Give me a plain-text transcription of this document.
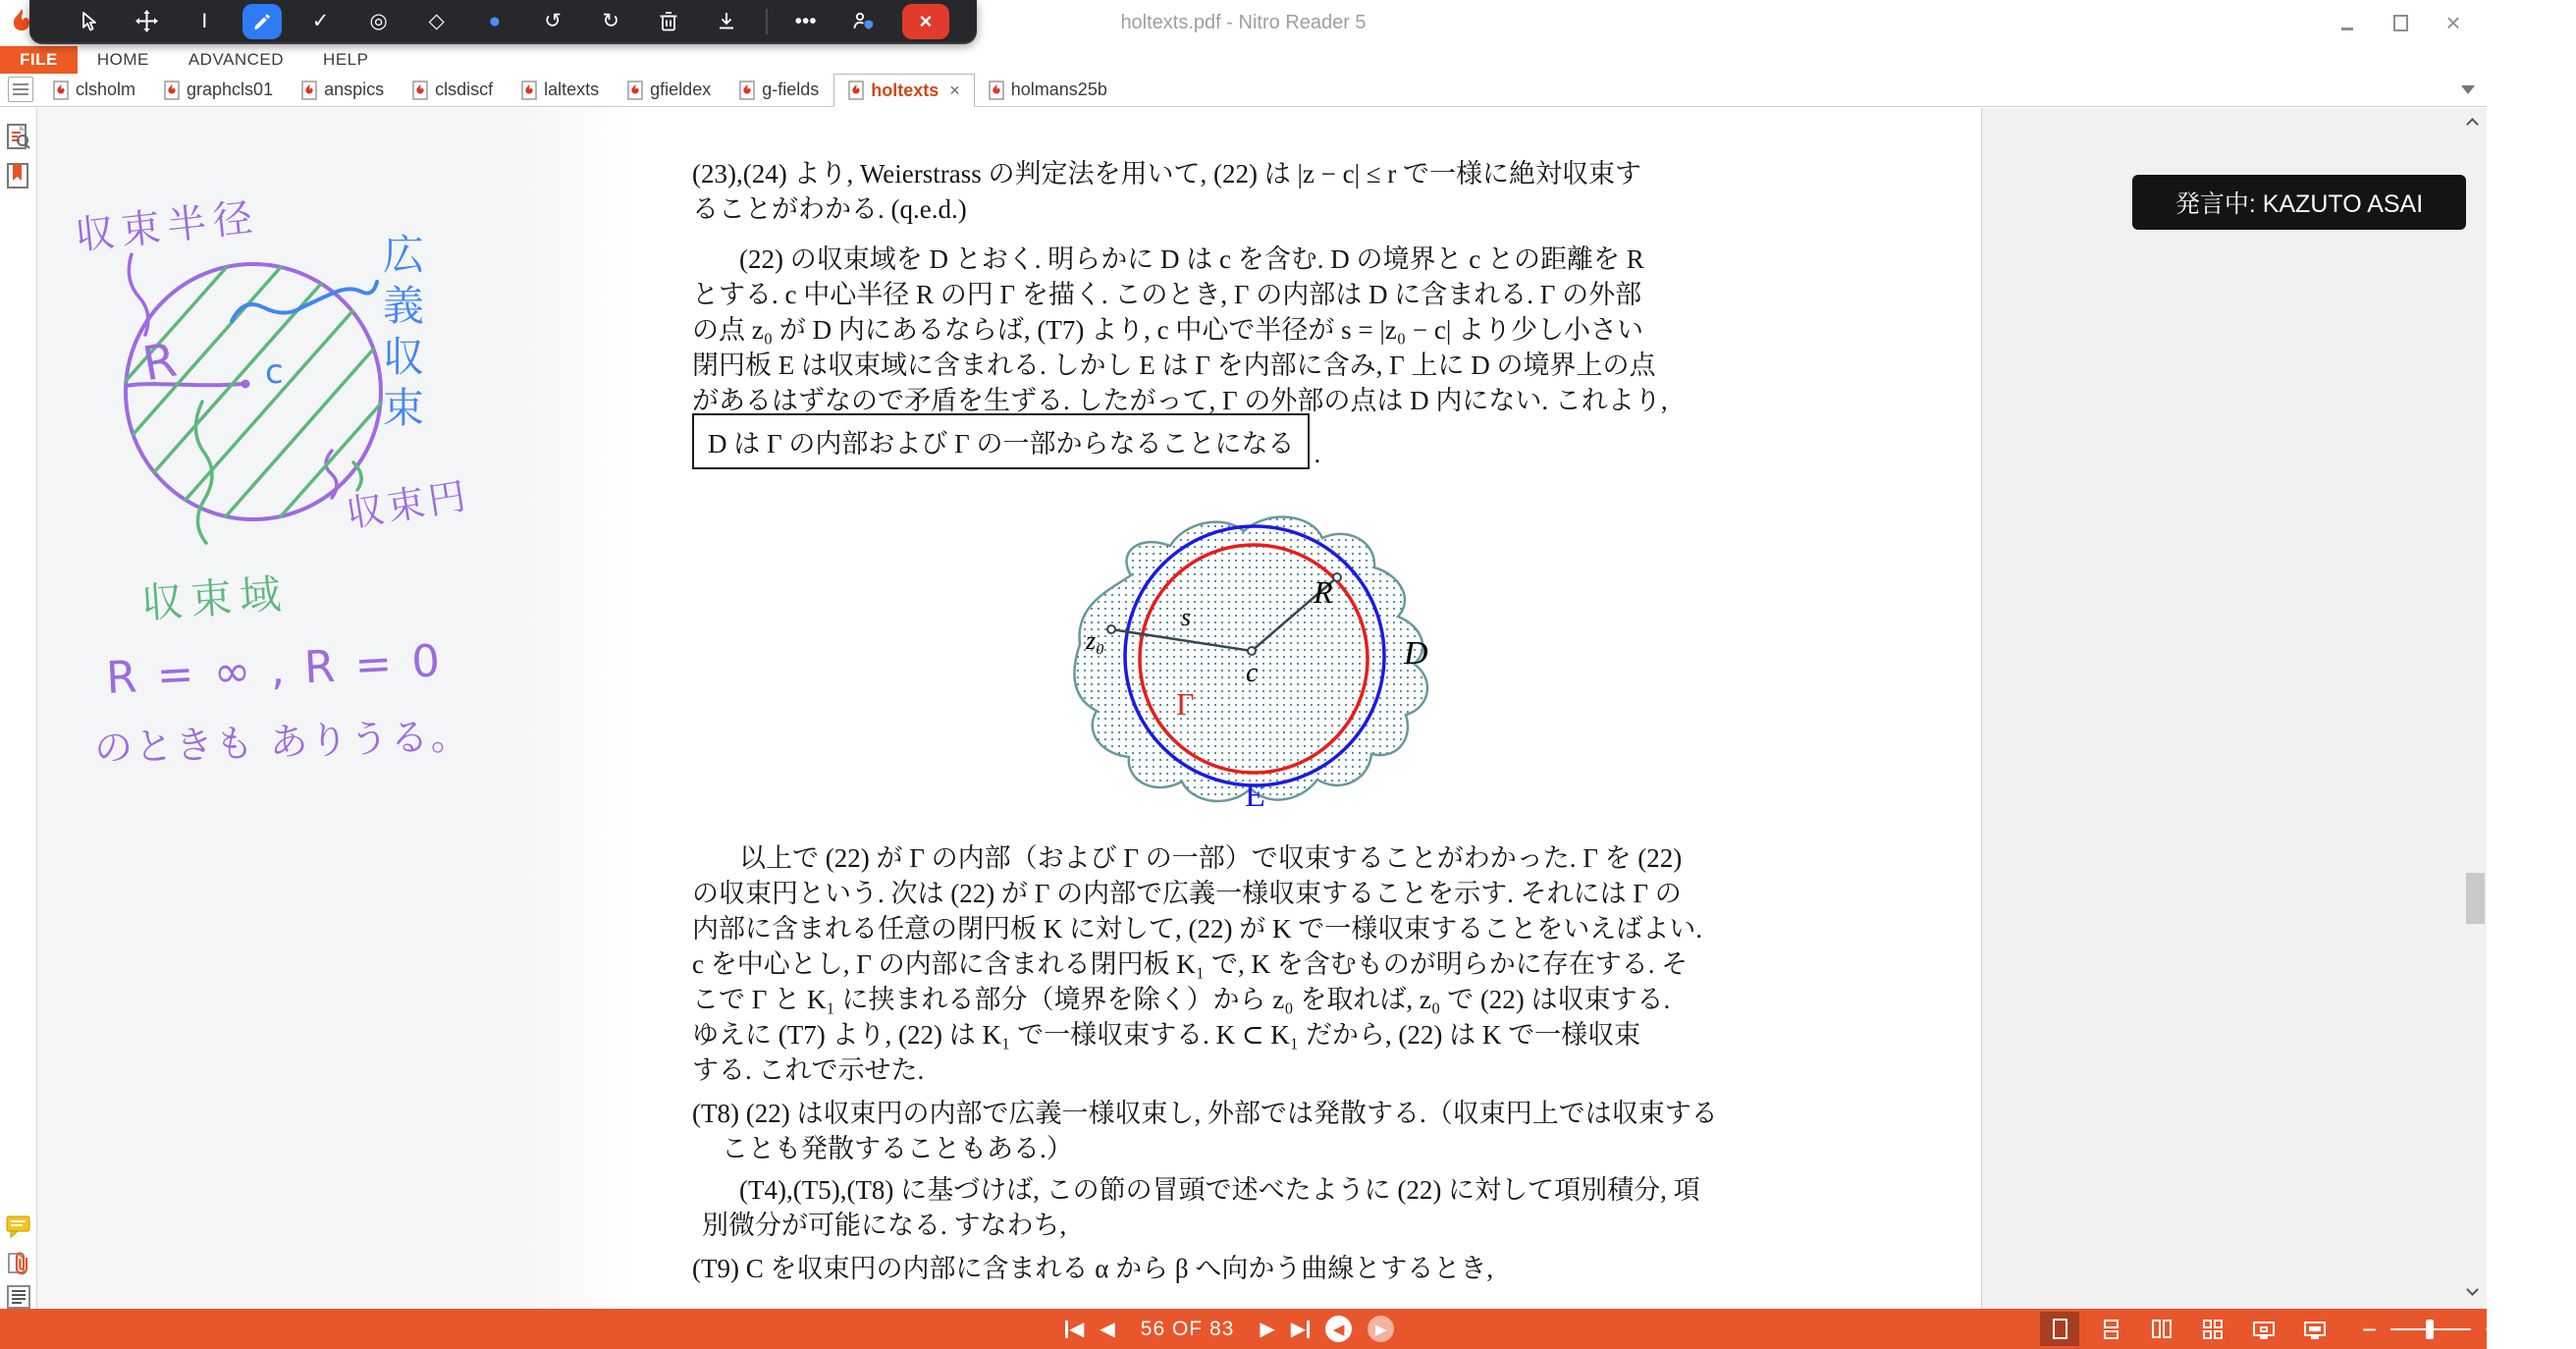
holtexts.pdf - Nitro Reader 5	×
I	✓	◎	◇	●	↺	↻	•••	×
FILE	HOME	ADVANCED	HELP
clsholm	graphcls01	anspics	clsdiscf	laltexts	gfieldex	g-fields	holtexts ×	holmans25b
D は Γ の内部および Γ の一部からなることになる .
z₀
s
c
R
D
Γ
E
(23),(24) より, Weierstrass の判定法を用いて, (22) は |z − c| ≤ r で一様に絶対収束す
ることがわかる. (q.e.d.)
(22) の収束域を D とおく. 明らかに D は c を含む. D の境界と c との距離を R
とする. c 中心半径 R の円 Γ を描く. このとき, Γ の内部は D に含まれる. Γ の外部
の点 z₀ が D 内にあるならば, (T7) より, c 中心で半径が s = |z₀ − c| より少し小さい
閉円板 E は収束域に含まれる. しかし E は Γ を内部に含み, Γ 上に D の境界上の点
があるはずなので矛盾を生ずる. したがって, Γ の外部の点は D 内にない. これより,
以上で (22) が Γ の内部（および Γ の一部）で収束することがわかった. Γ を (22)
の収束円という. 次は (22) が Γ の内部で広義一様収束することを示す. それには Γ の
内部に含まれる任意の閉円板 K に対して, (22) が K で一様収束することをいえばよい.
c を中心とし, Γ の内部に含まれる閉円板 K₁ で, K を含むものが明らかに存在する. そ
こで Γ と K₁ に挟まれる部分（境界を除く）から z₀ を取れば, z₀ で (22) は収束する.
ゆえに (T7) より, (22) は K₁ で一様収束する. K ⊂ K₁ だから, (22) は K で一様収束
する. これで示せた.
(T8) (22) は収束円の内部で広義一様収束し, 外部では発散する.（収束円上では収束する
ことも発散することもある.）
(T4),(T5),(T8) に基づけば, この節の冒頭で述べたように (22) に対して項別積分, 項
別微分が可能になる. すなわち,
(T9) C を収束円の内部に含まれる α から β へ向かう曲線とするとき,
収束半径
広義収束
R	c
収束円
収束域
R = ∞ , R = 0
のときも ありうる。
発言中: KAZUTO ASAI
◀ ◀ 56 OF 83 ▶ ▶	◀	▶	−	+ 125%
